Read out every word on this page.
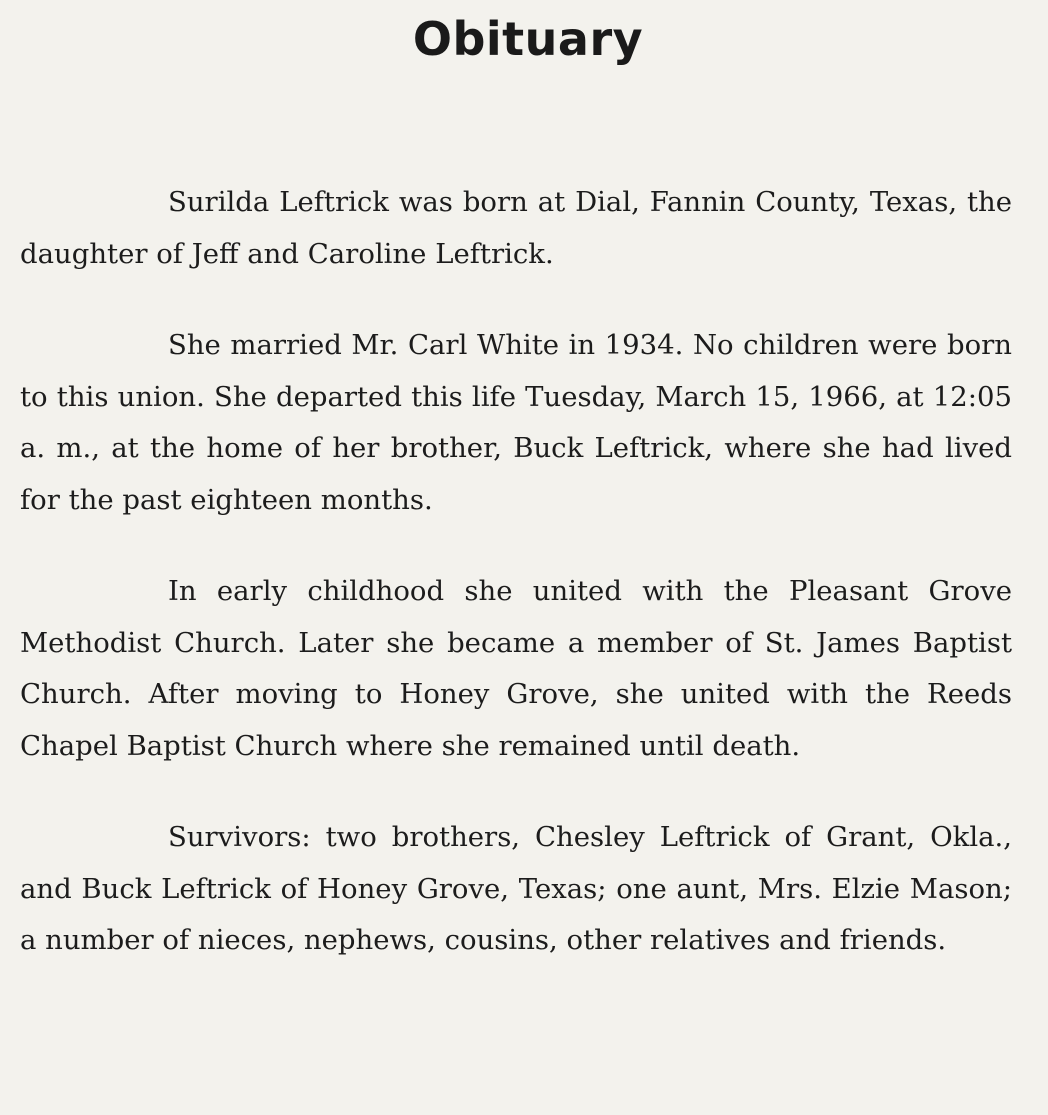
Obituary

Surilda Leftrick was born at Dial, Fannin County, Texas, the daughter of Jeff and Caroline Leftrick.

She married Mr. Carl White in 1934. No children were born to this union. She departed this life Tuesday, March 15, 1966, at 12:05 a. m., at the home of her brother, Buck Leftrick, where she had lived for the past eighteen months.

In early childhood she united with the Pleasant Grove Methodist Church. Later she became a member of St. James Baptist Church. After moving to Honey Grove, she united with the Reeds Chapel Baptist Church where she remained until death.

Survivors: two brothers, Chesley Leftrick of Grant, Okla., and Buck Leftrick of Honey Grove, Texas; one aunt, Mrs. Elzie Mason; a number of nieces, nephews, cousins, other relatives and friends.
